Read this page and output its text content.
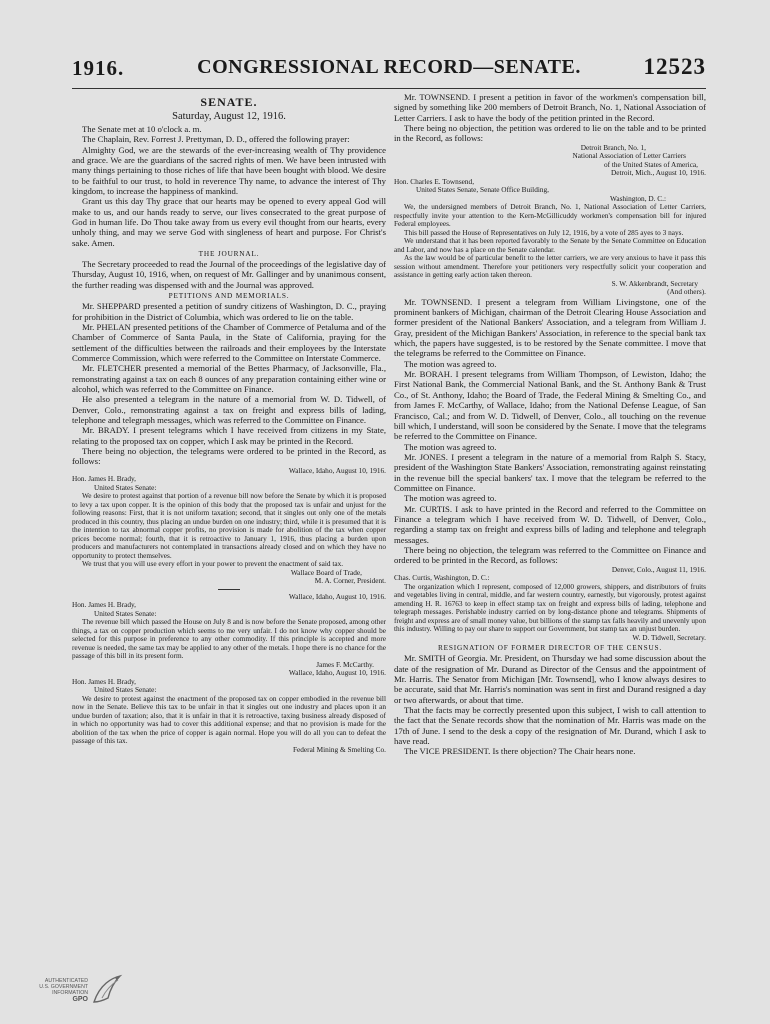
1916.	CONGRESSIONAL RECORD—SENATE.	12523

SENATE.

Saturday, August 12, 1916.

The Senate met at 10 o'clock a. m.

The Chaplain, Rev. Forrest J. Prettyman, D. D., offered the following prayer:

Almighty God, we are the stewards of the ever-increasing wealth of Thy providence and grace. We are the guardians of the sacred rights of men. We have been intrusted with many things pertaining to those riches of life that have been bought with blood. We desire to be faithful to our trust, to hold in reverence Thy name, to advance the interest of Thy kingdom, to increase the happiness of mankind.

Grant us this day Thy grace that our hearts may be opened to every appeal God will make to us, and our hands ready to serve, our lives consecrated to the great purpose of God in human life. Do Thou take away from us every evil thought from our hearts, every unholy thing, and may we serve God with singleness of heart and purpose. For Christ's sake. Amen.

THE JOURNAL.

The Secretary proceeded to read the Journal of the proceedings of the legislative day of Thursday, August 10, 1916, when, on request of Mr. Gallinger and by unanimous consent, the further reading was dispensed with and the Journal was approved.

PETITIONS AND MEMORIALS.

Mr. SHEPPARD presented a petition of sundry citizens of Washington, D. C., praying for prohibition in the District of Columbia, which was ordered to lie on the table.

Mr. PHELAN presented petitions of the Chamber of Commerce of Petaluma and of the Chamber of Commerce of Santa Paula, in the State of California, praying for the settlement of the difficulties between the railroads and their employees by the Interstate Commerce Commission, which were referred to the Committee on Interstate Commerce.

Mr. FLETCHER presented a memorial of the Bettes Pharmacy, of Jacksonville, Fla., remonstrating against a tax on each 8 ounces of any preparation containing either wine or alcohol, which was referred to the Committee on Finance.

He also presented a telegram in the nature of a memorial from W. D. Tidwell, of Denver, Colo., remonstrating against a tax on freight and express bills of lading, telephone and telegraph messages, which was referred to the Committee on Finance.

Mr. BRADY. I present telegrams which I have received from citizens in my State, relating to the proposed tax on copper, which I ask may be printed in the Record.

There being no objection, the telegrams were ordered to be printed in the Record, as follows:

Wallace, Idaho, August 10, 1916.

Hon. James H. Brady,

United States Senate:

We desire to protest against that portion of a revenue bill now before the Senate by which it is proposed to levy a tax upon copper. It is the opinion of this body that the proposed tax is unfair and unjust for the following reasons: First, that it is not uniform taxation; second, that it singles out only one of the metals produced in this country, thus placing an undue burden on one industry; third, while it is presumed that it is the intention to tax abnormal copper profits, no provision is made for abolition of the tax when copper prices become normal; fourth, that it is retroactive to January 1, 1916, thus placing a burden upon producers and manufacturers not contemplated in transactions already closed and on which they have no opportunity to protect themselves.

We trust that you will use every effort in your power to prevent the enactment of said tax.

Wallace Board of Trade,

M. A. Corner, President.

Wallace, Idaho, August 10, 1916.

Hon. James H. Brady,

United States Senate:

The revenue bill which passed the House on July 8 and is now before the Senate proposed, among other things, a tax on copper production which seems to me very unfair. I do not know why copper should be selected for this purpose in preference to any other commodity. If this principle is accepted and more revenue is needed, the same tax may be applied to any other of the metals. I hope there is no chance for the passage of this bill in its present form.

James F. McCarthy.

Wallace, Idaho, August 10, 1916.

Hon. James H. Brady,

United States Senate:

We desire to protest against the enactment of the proposed tax on copper embodied in the revenue bill now in the Senate. Believe this tax to be unfair in that it singles out one industry and places upon it an undue burden of taxation; also, that it is unfair in that it is retroactive, taxing business already disposed of in which no opportunity was had to cover this additional expense; and that no provision is made for the abolition of the tax when the price of copper is again normal. Hope you will do all you can to defeat the passage of this tax.

Federal Mining & Smelting Co.

Mr. TOWNSEND. I present a petition in favor of the workmen's compensation bill, signed by something like 200 members of Detroit Branch, No. 1, National Association of Letter Carriers. I ask to have the body of the petition printed in the Record.

There being no objection, the petition was ordered to lie on the table and to be printed in the Record, as follows:

Detroit Branch, No. 1,

National Association of Letter Carriers

of the United States of America,

Detroit, Mich., August 10, 1916.

Hon. Charles E. Townsend,

United States Senate, Senate Office Building,

Washington, D. C.:

We, the undersigned members of Detroit Branch, No. 1, National Association of Letter Carriers, respectfully invite your attention to the Kern-McGillicuddy workmen's compensation bill for injured Federal employees.

This bill passed the House of Representatives on July 12, 1916, by a vote of 285 ayes to 3 nays.

We understand that it has been reported favorably to the Senate by the Senate Committee on Education and Labor, and now has a place on the Senate calendar.

As the law would be of particular benefit to the letter carriers, we are very anxious to have it pass this session without amendment. Therefore your petitioners very respectfully solicit your cooperation and assistance in getting early action taken thereon.

S. W. Akkenbrandt, Secretary

(And others).

Mr. TOWNSEND. I present a telegram from William Livingstone, one of the prominent bankers of Michigan, chairman of the Detroit Clearing House Association and former president of the National Bankers' Association, and a telegram from William J. Gray, president of the Michigan Bankers' Association, in reference to the special bank tax which, the papers have suggested, is to be restored by the Senate committee. I move that the telegrams be referred to the Committee on Finance.

The motion was agreed to.

Mr. BORAH. I present telegrams from William Thompson, of Lewiston, Idaho; the First National Bank, the Commercial National Bank, and the St. Anthony Bank & Trust Co., of St. Anthony, Idaho; the Board of Trade, the Federal Mining & Smelting Co., and from James F. McCarthy, of Wallace, Idaho; from the National Defense League, of San Francisco, Cal.; and from W. D. Tidwell, of Denver, Colo., all touching on the revenue bill which, I understand, will soon be considered by the Senate. I move that the telegrams be referred to the Committee on Finance.

The motion was agreed to.

Mr. JONES. I present a telegram in the nature of a memorial from Ralph S. Stacy, president of the Washington State Bankers' Association, remonstrating against reinstating in the revenue bill the special bankers' tax. I move that the telegram be referred to the Committee on Finance.

The motion was agreed to.

Mr. CURTIS. I ask to have printed in the Record and referred to the Committee on Finance a telegram which I have received from W. D. Tidwell, of Denver, Colo., regarding a stamp tax on freight and express bills of lading and telephone and telegraph messages.

There being no objection, the telegram was referred to the Committee on Finance and ordered to be printed in the Record, as follows:

Denver, Colo., August 11, 1916.

Chas. Curtis, Washington, D. C.:

The organization which I represent, composed of 12,000 growers, shippers, and distributors of fruits and vegetables living in central, middle, and far western country, earnestly, but vigorously, protest against amending H. R. 16763 to keep in effect stamp tax on freight and express bills of lading, telephone and telegraph messages. Perishable industry carried on by long-distance phone and telegrams. Shipments of freight and express are of small money value, but billions of the stamp tax falls heavily and unevenly upon this industry. Willing to pay our share to support our Government, but stamp tax an unjust burden.

W. D. Tidwell, Secretary.

RESIGNATION OF FORMER DIRECTOR OF THE CENSUS.

Mr. SMITH of Georgia. Mr. President, on Thursday we had some discussion about the date of the resignation of Mr. Durand as Director of the Census and the appointment of Mr. Harris. The Senator from Michigan [Mr. Townsend], who I know always desires to be accurate, said that Mr. Harris's nomination was sent in first and Durand resigned a day or two afterwards, or about that time.

That the facts may be correctly presented upon this subject, I wish to call attention to the fact that the Senate records show that the nomination of Mr. Harris was made on the 17th of June. I send to the desk a copy of the resignation of Mr. Durand, which I ask to have read.

The VICE PRESIDENT. Is there objection? The Chair hears none.

AUTHENTICATED
U.S. GOVERNMENT
INFORMATION
GPO
